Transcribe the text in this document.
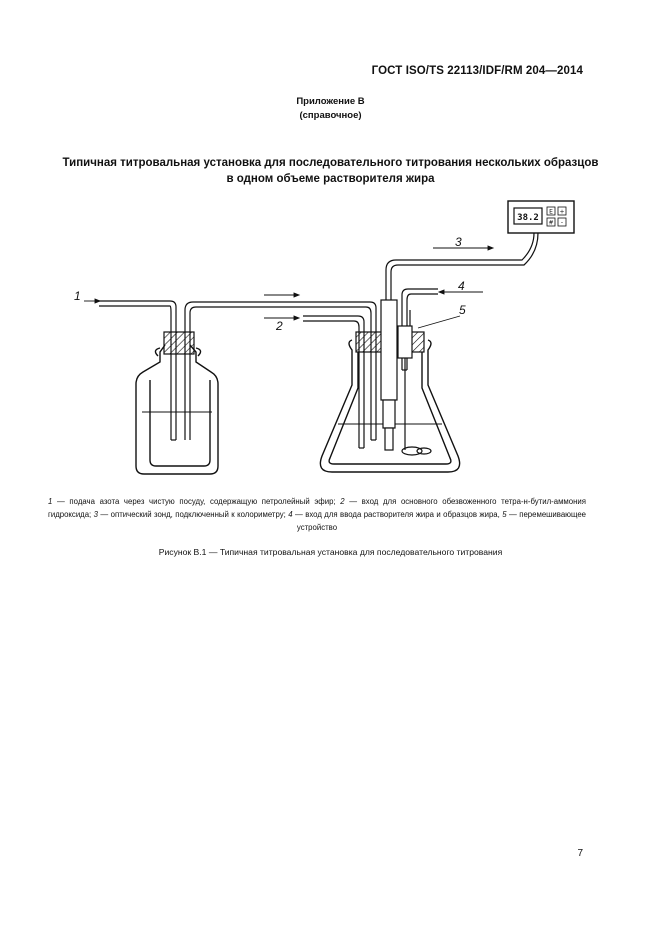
ГОСТ ISO/TS 22113/IDF/RM 204—2014
Приложение В
(справочное)
Типичная титровальная установка для последовательного титрования нескольких образцов
в одном объеме растворителя жира
38.2
E +
# -
1
2
3
4
5
1 — подача азота через чистую посуду, содержащую петролейный эфир; 2 — вход для основного обезвоженного тетра-н-бутил-аммония гидроксида; 3 — оптический зонд, подключенный к колориметру; 4 — вход для ввода растворителя жира и образцов жира, 5 — перемешивающее устройство
Рисунок В.1 — Типичная титровальная установка для последовательного титрования
7
